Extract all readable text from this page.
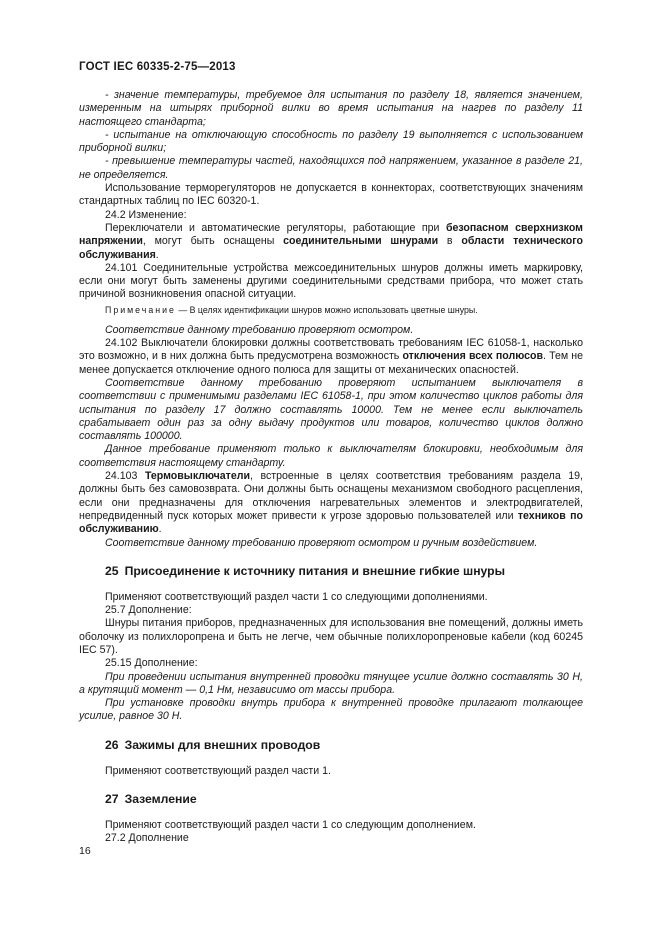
ГОСТ IEC 60335-2-75—2013

- значение температуры, требуемое для испытания по разделу 18, является значением, измеренным на штырях приборной вилки во время испытания на нагрев по разделу 11 настоящего стандарта;

- испытание на отключающую способность по разделу 19 выполняется с использованием приборной вилки;

- превышение температуры частей, находящихся под напряжением, указанное в разделе 21, не определяется.

Использование терморегуляторов не допускается в коннекторах, соответствующих значениям стандартных таблиц по IEC 60320-1.

24.2 Изменение:

Переключатели и автоматические регуляторы, работающие при безопасном сверхнизком напряжении, могут быть оснащены соединительными шнурами в области технического обслуживания.

24.101 Соединительные устройства межсоединительных шнуров должны иметь маркировку, если они могут быть заменены другими соединительными средствами прибора, что может стать причиной возникновения опасной ситуации.

Примечание — В целях идентификации шнуров можно использовать цветные шнуры.

Соответствие данному требованию проверяют осмотром.

24.102 Выключатели блокировки должны соответствовать требованиям IEC 61058-1, насколько это возможно, и в них должна быть предусмотрена возможность отключения всех полюсов. Тем не менее допускается отключение одного полюса для защиты от механических опасностей.

Соответствие данному требованию проверяют испытанием выключателя в соответствии с применимыми разделами IEC 61058-1, при этом количество циклов работы для испытания по разделу 17 должно составлять 10000. Тем не менее если выключатель срабатывает один раз за одну выдачу продуктов или товаров, количество циклов должно составлять 100000.

Данное требование применяют только к выключателям блокировки, необходимым для соответствия настоящему стандарту.

24.103 Термовыключатели, встроенные в целях соответствия требованиям раздела 19, должны быть без самовозврата. Они должны быть оснащены механизмом свободного расцепления, если они предназначены для отключения нагревательных элементов и электродвигателей, непредвиденный пуск которых может привести к угрозе здоровью пользователей или техников по обслуживанию.

Соответствие данному требованию проверяют осмотром и ручным воздействием.

25 Присоединение к источнику питания и внешние гибкие шнуры

Применяют соответствующий раздел части 1 со следующими дополнениями.

25.7 Дополнение:

Шнуры питания приборов, предназначенных для использования вне помещений, должны иметь оболочку из полихлоропрена и быть не легче, чем обычные полихлоропреновые кабели (код 60245 IEC 57).

25.15 Дополнение:

При проведении испытания внутренней проводки тянущее усилие должно составлять 30 Н, а крутящий момент — 0,1 Нм, независимо от массы прибора.

При установке проводки внутрь прибора к внутренней проводке прилагают толкающее усилие, равное 30 Н.

26 Зажимы для внешних проводов

Применяют соответствующий раздел части 1.

27 Заземление

Применяют соответствующий раздел части 1 со следующим дополнением.

27.2 Дополнение

16
